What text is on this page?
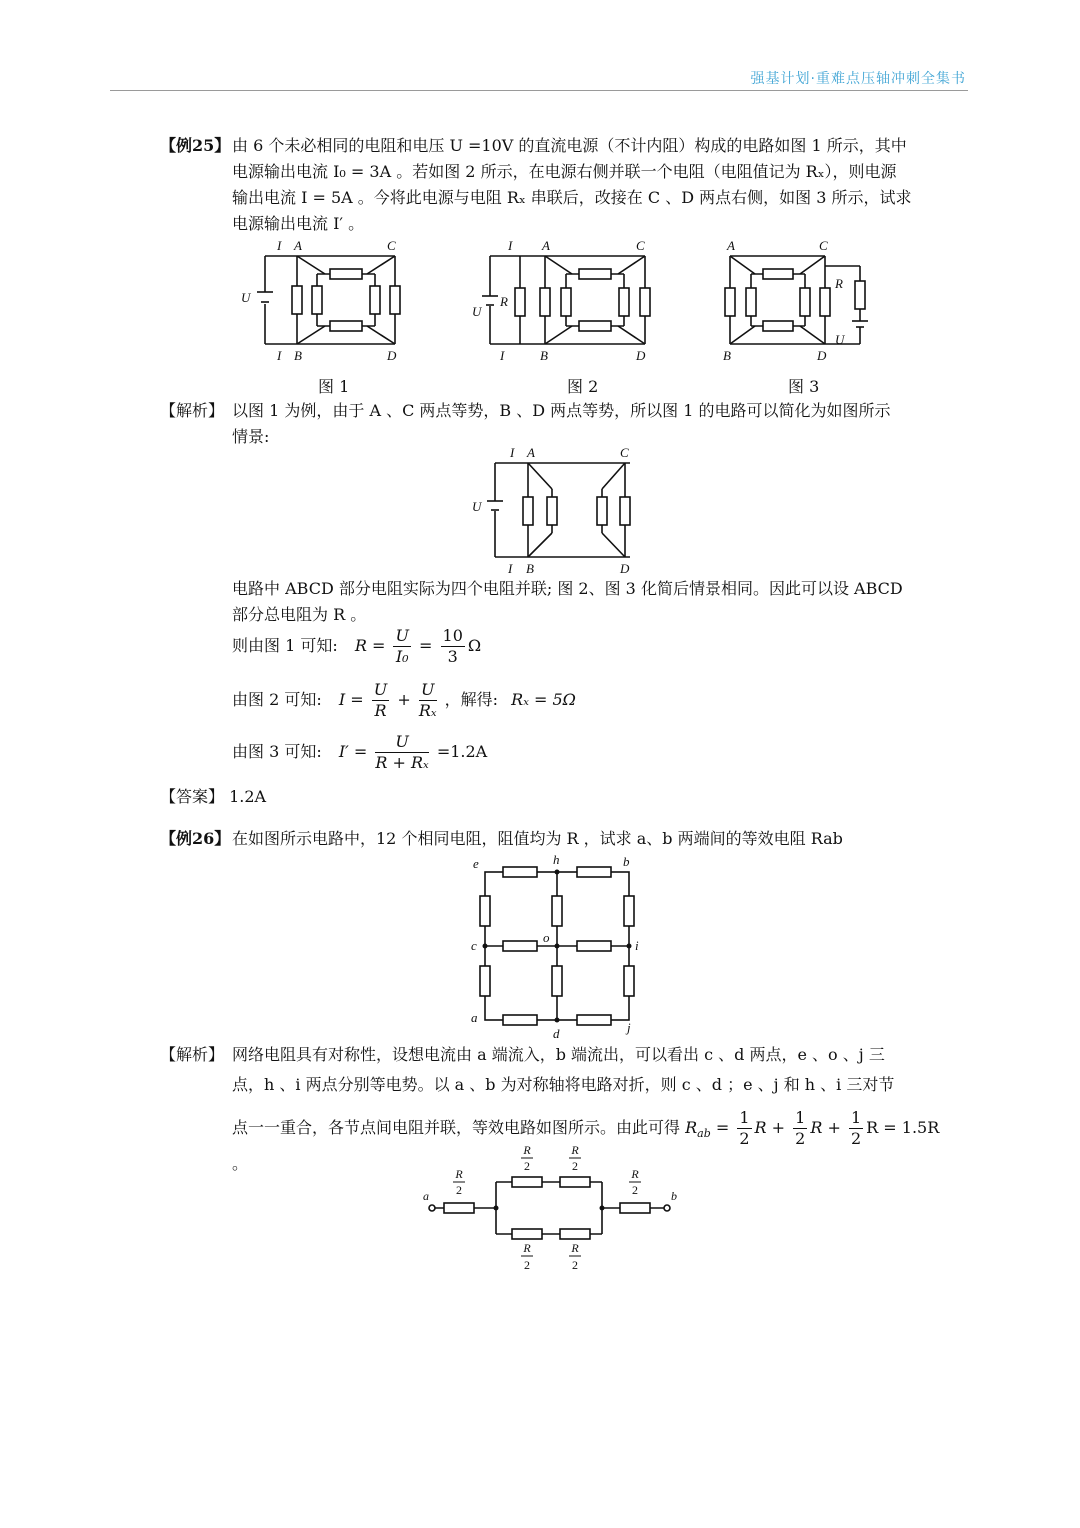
强基计划·重难点压轴冲刺全集书
【例25】 由 6 个未必相同的电阻和电压 U =10V 的直流电源（不计内阻）构成的电路如图 1 所示，其中
电源输出电流 I₀ = 3A 。若如图 2 所示，在电源右侧并联一个电阻（电阻值记为 Rₓ），则电源
输出电流 I = 5A 。今将此电源与电阻 Rₓ 串联后，改接在 C 、D 两点右侧，如图 3 所示，试求
电源输出电流 I′ 。
I A	C
U
I B	D
图 1
I A	C
R
U
I	B	D
图 2
A	C
R
U
B	D
图 3
【解析】 以图 1 为例，由于 A 、C 两点等势，B 、D 两点等势，所以图 1 的电路可以简化为如图所示
情景:
I A	C
U
I B	D
电路中 ABCD 部分电阻实际为四个电阻并联; 图 2、图 3 化简后情景相同。因此可以设 ABCD
部分总电阻为 R 。
则由图 1 可知: $R = \frac{U}{\text{I₀}} = \frac{10}{3}$ Ω
由图 2 可知: $I = \frac{U}{R} + \frac{U}{\text{Rₓ}}$ ，解得: Rₓ = 5Ω
由图 3 可知: $I' = \frac{U}{\text{R + Rₓ}} =1.2A$
【答案】 1.2A
【例26】 在如图所示电路中，12 个相同电阻，阻值均为 R ，试求 a、b 两端间的等效电阻 Rab
e	h	b
c
o
i
a
d	j
【解析】 网络电阻具有对称性，设想电流由 a 端流入，b 端流出，可以看出 c 、d 两点，e 、o 、j 三
点，h 、i 两点分别等电势。以 a 、b 为对称轴将电路对折，则 c 、d ；e 、j 和 h 、i 三对节
点一一重合，各节点间电阻并联，等效电路如图所示。由此可得 $R_{ab} = \frac{1}{2}$ $R + \frac{1}{2}$ $R + \frac{1}{2}$ R = 1.5R 。
a	b
R
2
R
2
R
2
R
2
R
2
R
2
